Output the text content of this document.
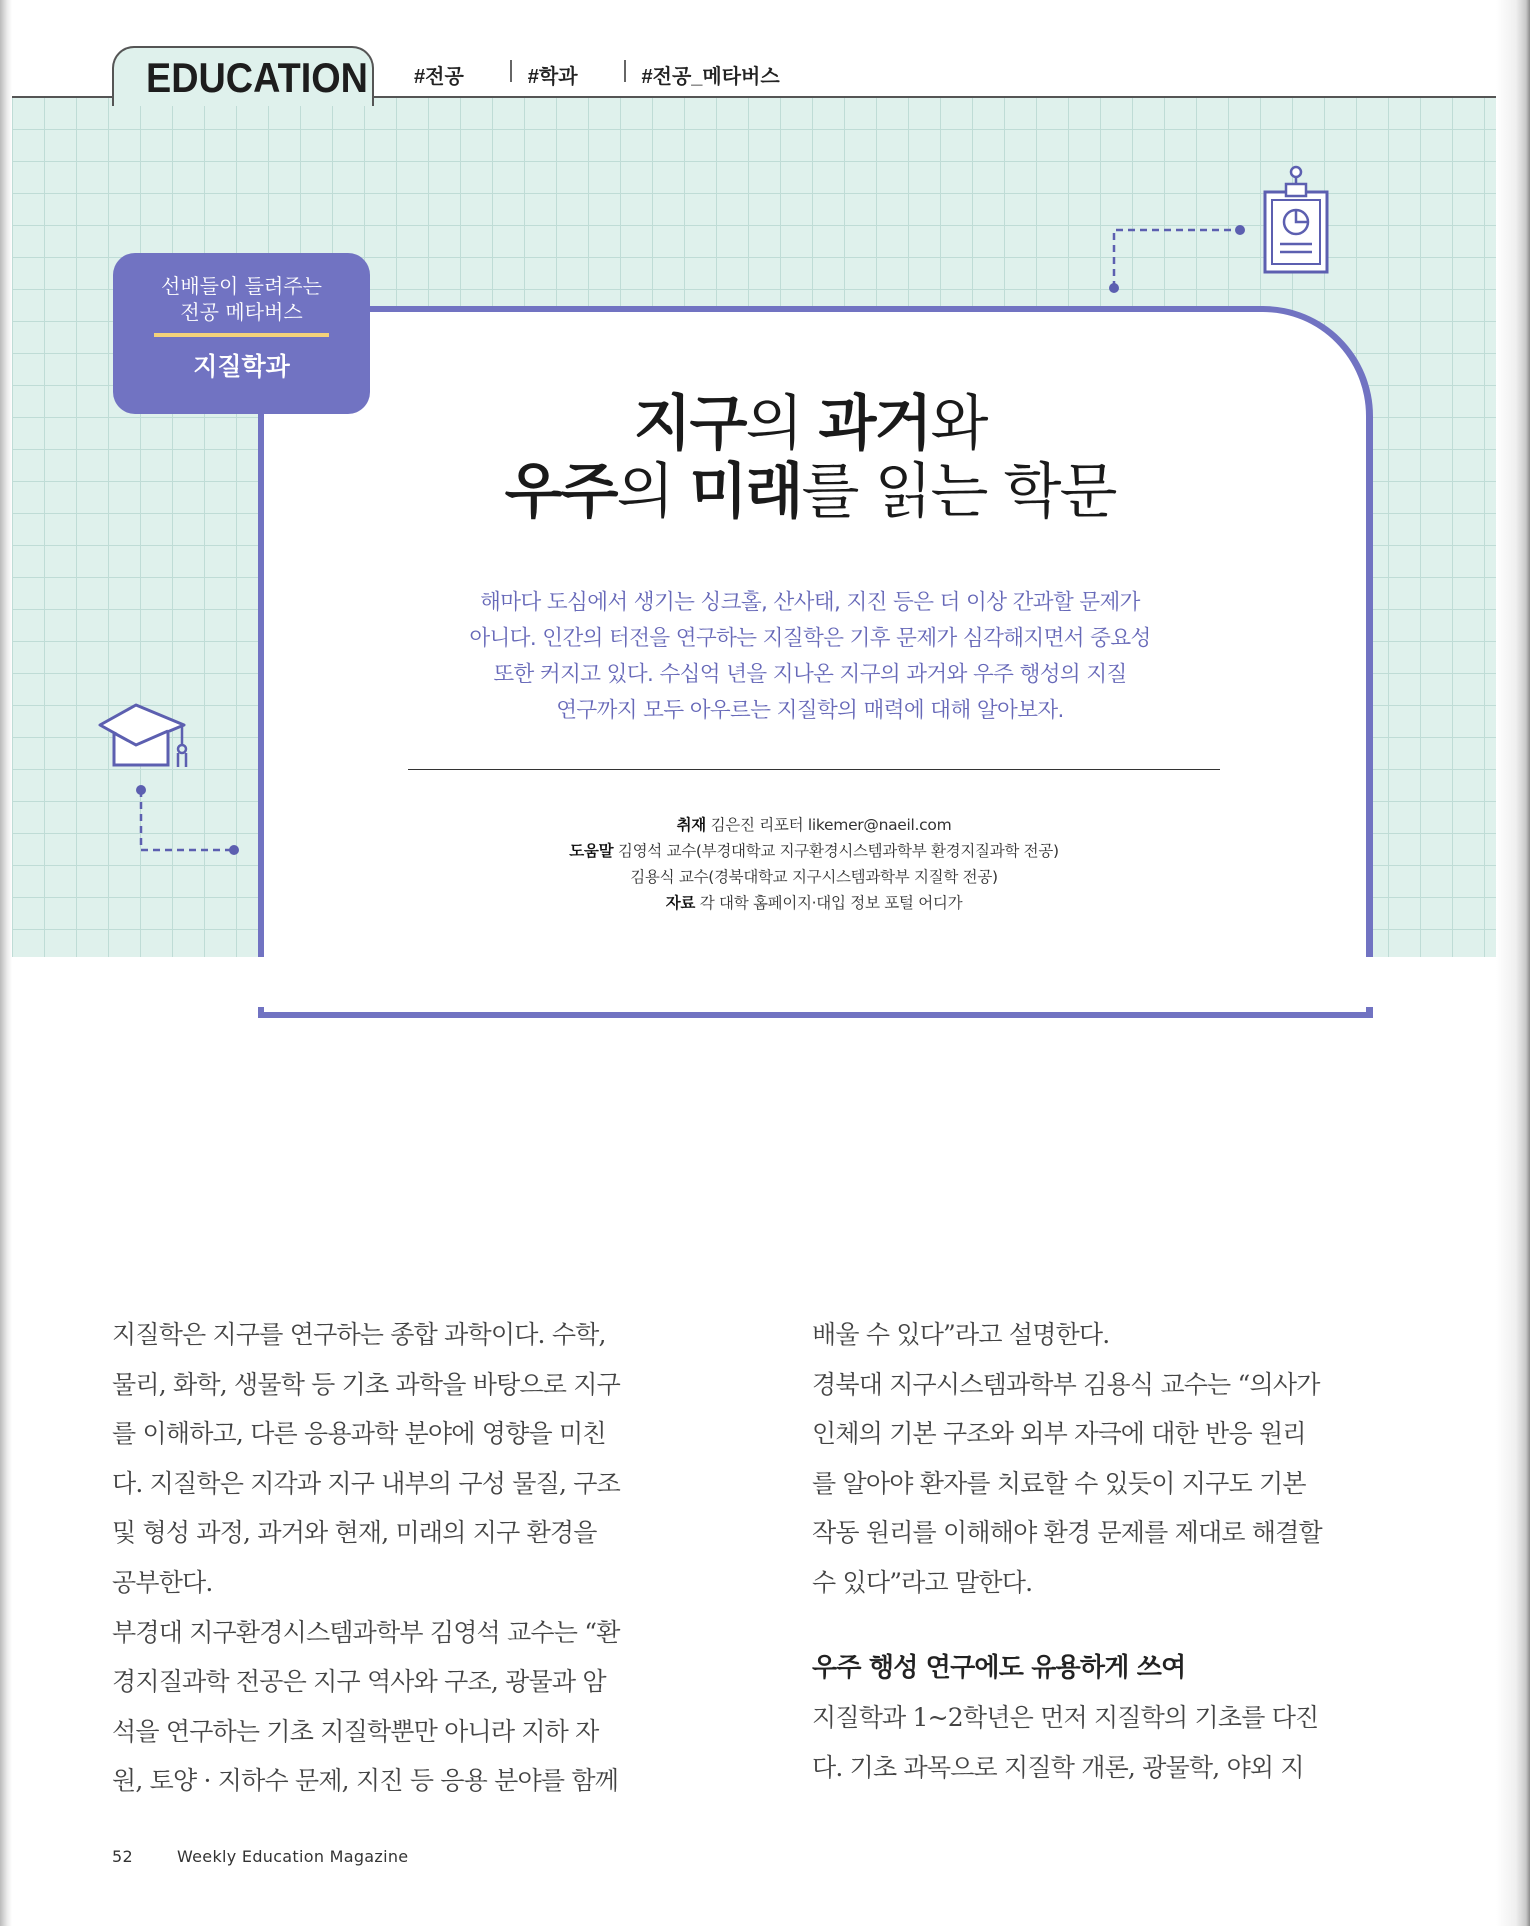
EDUCATION #전공	#학과	#전공_메타버스
선배들이 들려주는
전공 메타버스
지질학과
지구의 과거와
우주의 미래를 읽는 학문
해마다 도심에서 생기는 싱크홀, 산사태, 지진 등은 더 이상 간과할 문제가
아니다. 인간의 터전을 연구하는 지질학은 기후 문제가 심각해지면서 중요성
또한 커지고 있다. 수십억 년을 지나온 지구의 과거와 우주 행성의 지질
연구까지 모두 아우르는 지질학의 매력에 대해 알아보자.
취재 김은진 리포터 likemer@naeil.com
도움말 김영석 교수(부경대학교 지구환경시스템과학부 환경지질과학 전공)
김용식 교수(경북대학교 지구시스템과학부 지질학 전공)
자료 각 대학 홈페이지·대입 정보 포털 어디가

지질학은 지구를 연구하는 종합 과학이다. 수학,

물리, 화학, 생물학 등 기초 과학을 바탕으로 지구

를 이해하고, 다른 응용과학 분야에 영향을 미친

다. 지질학은 지각과 지구 내부의 구성 물질, 구조

및 형성 과정, 과거와 현재, 미래의 지구 환경을

공부한다.

부경대 지구환경시스템과학부 김영석 교수는 “환

경지질과학 전공은 지구 역사와 구조, 광물과 암

석을 연구하는 기초 지질학뿐만 아니라 지하 자

원, 토양 · 지하수 문제, 지진 등 응용 분야를 함께

배울 수 있다”라고 설명한다.

경북대 지구시스템과학부 김용식 교수는 “의사가

인체의 기본 구조와 외부 자극에 대한 반응 원리

를 알아야 환자를 치료할 수 있듯이 지구도 기본

작동 원리를 이해해야 환경 문제를 제대로 해결할

수 있다”라고 말한다.

우주 행성 연구에도 유용하게 쓰여

지질학과 1~2학년은 먼저 지질학의 기초를 다진

다. 기초 과목으로 지질학 개론, 광물학, 야외 지

52	Weekly Education Magazine
